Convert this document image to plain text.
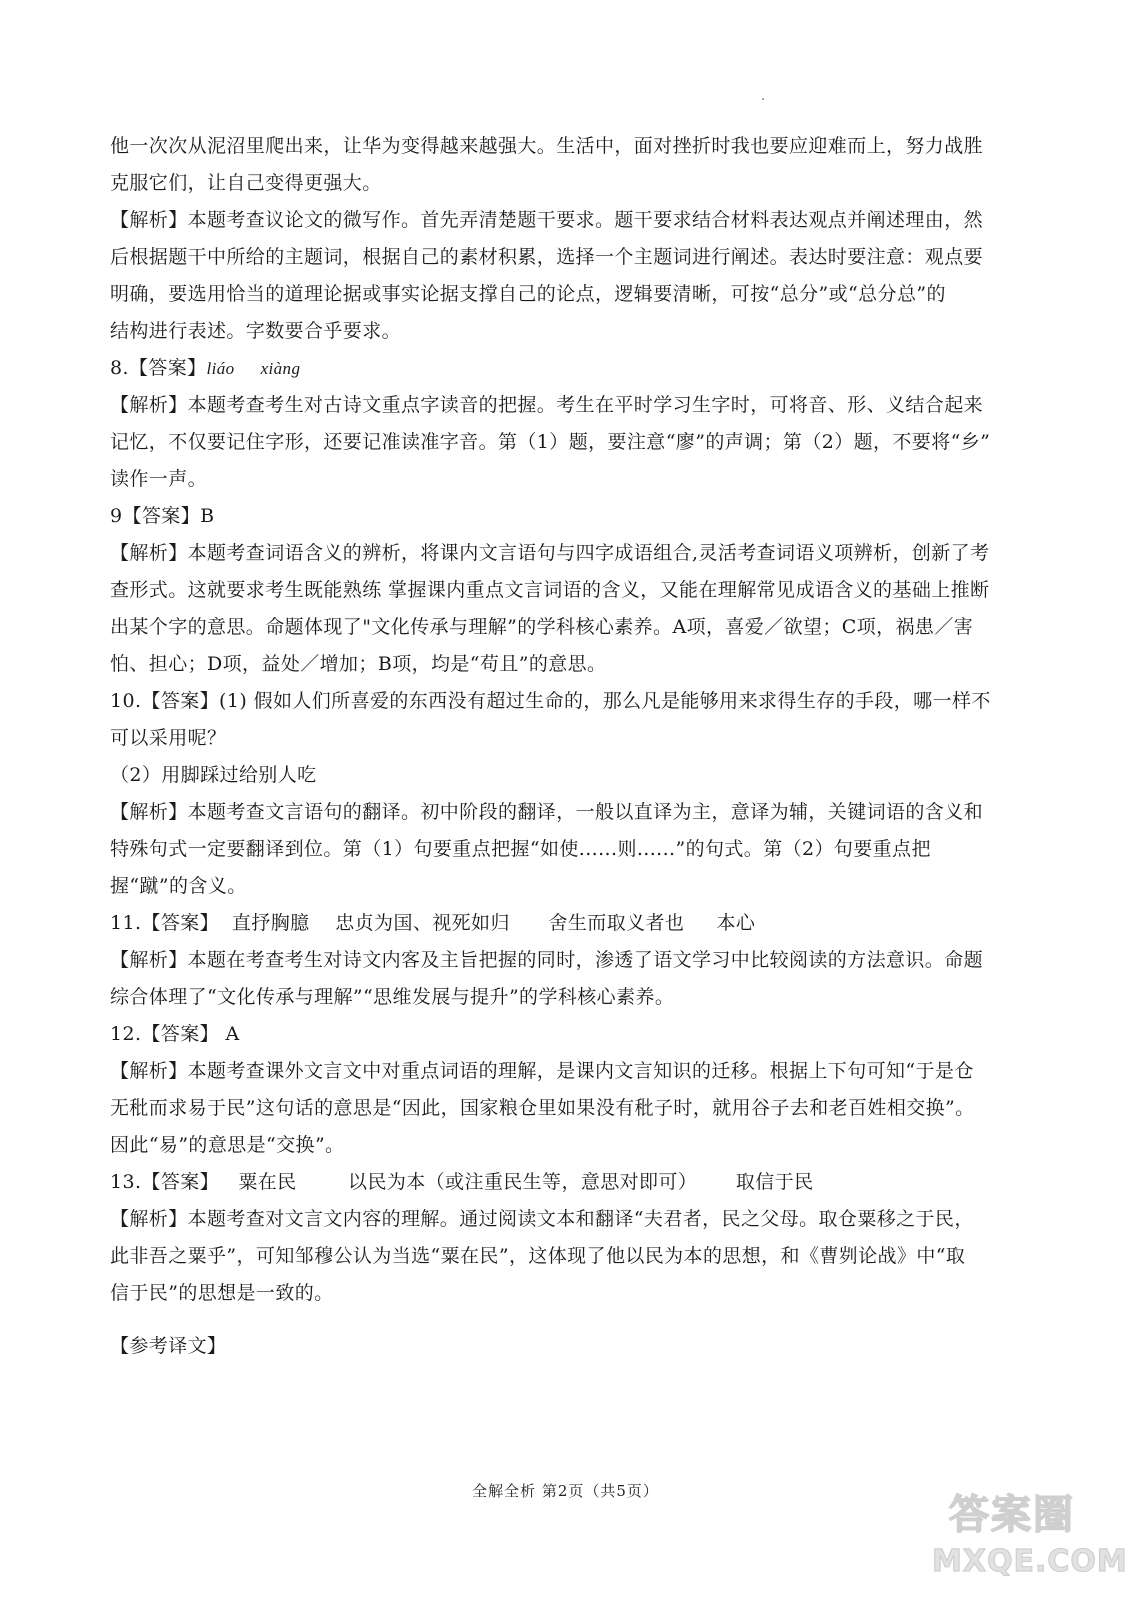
他一次次从泥沼里爬出来，让华为变得越来越强大。生活中，面对挫折时我也要应迎难而上，努力战胜

克服它们，让自己变得更强大。

【解析】本题考查议论文的微写作。首先弄清楚题干要求。题干要求结合材料表达观点并阐述理由，然

后根据题干中所给的主题词，根据自己的素材积累，选择一个主题词进行阐述。表达时要注意：观点要

明确，要选用恰当的道理论据或事实论据支撑自己的论点，逻辑要清晰，可按“总分”或“总分总”的

结构进行表述。字数要合乎要求。

8.【答案】liáo xiàng

【解析】本题考查考生对古诗文重点字读音的把握。考生在平时学习生字时，可将音、形、义结合起来

记忆，不仅要记住字形，还要记准读准字音。第（1）题，要注意“廖”的声调；第（2）题，不要将“乡”

读作一声。

9【答案】B

【解析】本题考查词语含义的辨析，将课内文言语句与四字成语组合,灵活考查词语义项辨析，创新了考

查形式。这就要求考生既能熟练 掌握课内重点文言词语的含义，又能在理解常见成语含义的基础上推断

出某个字的意思。命题体现了"文化传承与理解”的学科核心素养。A项，喜爱／欲望；C项，祸患／害

怕、担心；D项，益处／增加；B项，均是“苟且”的意思。

10.【答案】(1) 假如人们所喜爱的东西没有超过生命的，那么凡是能够用来求得生存的手段，哪一样不

可以采用呢？

（2）用脚踩过给别人吃

【解析】本题考查文言语句的翻译。初中阶段的翻译，一般以直译为主，意译为辅，关键词语的含义和

特殊句式一定要翻译到位。第（1）句要重点把握“如使......则......”的句式。第（2）句要重点把

握“蹴”的含义。

11.【答案】  直抒胸臆    忠贞为国、视死如归      舍生而取义者也     本心

【解析】本题在考查考生对诗文内客及主旨把握的同时，渗透了语文学习中比较阅读的方法意识。命题

综合体理了“文化传承与理解”“思维发展与提升”的学科核心素养。

12.【答案】 A

【解析】本题考查课外文言文中对重点词语的理解，是课内文言知识的迁移。根据上下句可知“于是仓

无秕而求易于民”这句话的意思是“因此，国家粮仓里如果没有秕子时，就用谷子去和老百姓相交换”。

因此“易”的意思是“交换”。

13.【答案】   粟在民        以民为本（或注重民生等，意思对即可）      取信于民

【解析】本题考查对文言文内容的理解。通过阅读文本和翻译“夫君者，民之父母。取仓粟移之于民，

此非吾之粟乎”，可知邹穆公认为当选“粟在民”，这体现了他以民为本的思想，和《曹刿论战》中“取

信于民”的思想是一致的。

【参考译文】

全解全析 第2页（共5页）
答案圈
MXQE.COM
